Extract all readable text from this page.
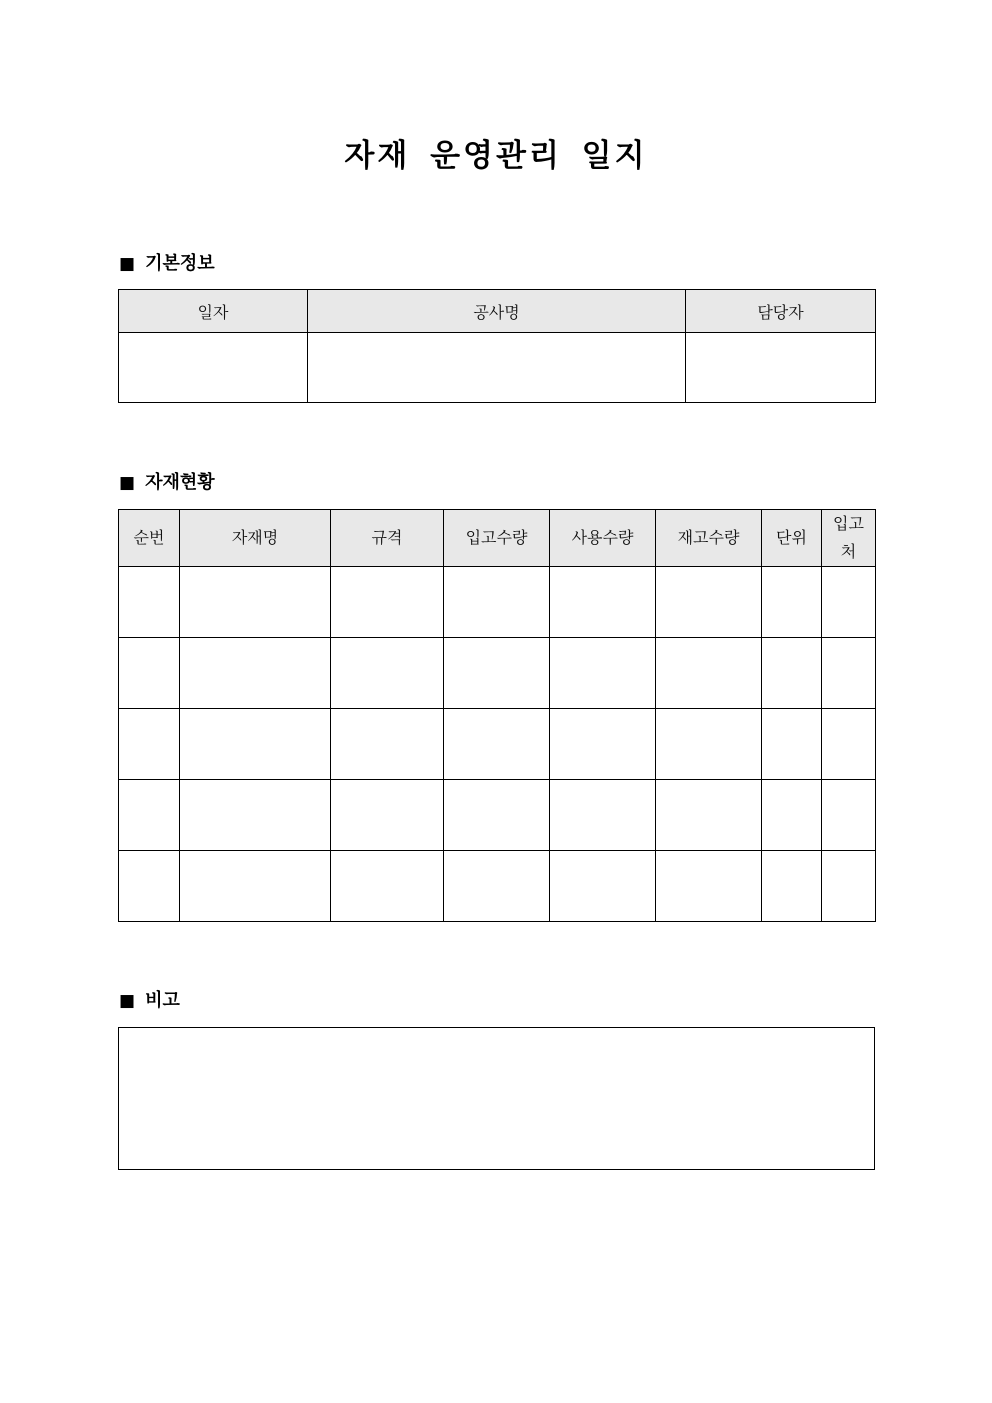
자재 운영관리 일지
■ 기본정보
일자	공사명	담당자

■ 자재현황
순번	자재명	규격	입고수량	사용수량	재고수량	단위	입고처

■ 비고
